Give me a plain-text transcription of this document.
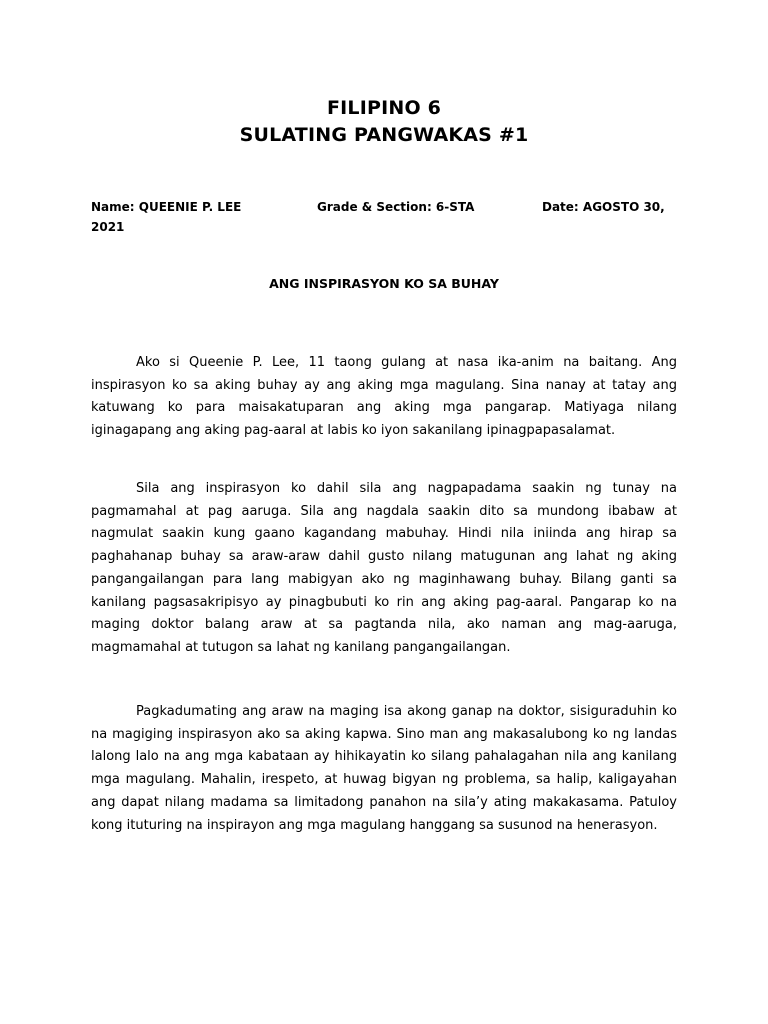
FILIPINO 6
SULATING PANGWAKAS #1
Name: QUEENIE P. LEE	Grade & Section: 6-STA	Date: AGOSTO 30,
2021
ANG INSPIRASYON KO SA BUHAY

Ako si Queenie P. Lee, 11 taong gulang at nasa ika-anim na baitang. Ang inspirasyon ko sa aking buhay ay ang aking mga magulang. Sina nanay at tatay ang katuwang ko para maisakatuparan ang aking mga pangarap. Matiyaga nilang iginagapang ang aking pag-aaral at labis ko iyon sakanilang ipinagpapasalamat.

Sila ang inspirasyon ko dahil sila ang nagpapadama saakin ng tunay na pagmamahal at pag aaruga. Sila ang nagdala saakin dito sa mundong ibabaw at nagmulat saakin kung gaano kagandang mabuhay. Hindi nila iniinda ang hirap sa paghahanap buhay sa araw-araw dahil gusto nilang matugunan ang lahat ng aking pangangailangan para lang mabigyan ako ng maginhawang buhay. Bilang ganti sa kanilang pagsasakripisyo ay pinagbubuti ko rin ang aking pag-aaral. Pangarap ko na maging doktor balang araw at sa pagtanda nila, ako naman ang mag-aaruga, magmamahal at tutugon sa lahat ng kanilang pangangailangan.

Pagkadumating ang araw na maging isa akong ganap na doktor, sisiguraduhin ko na magiging inspirasyon ako sa aking kapwa. Sino man ang makasalubong ko ng landas lalong lalo na ang mga kabataan ay hihikayatin ko silang pahalagahan nila ang kanilang mga magulang. Mahalin, irespeto, at huwag bigyan ng problema, sa halip, kaligayahan ang dapat nilang madama sa limitadong panahon na sila’y ating makakasama. Patuloy kong ituturing na inspirayon ang mga magulang hanggang sa susunod na henerasyon.
